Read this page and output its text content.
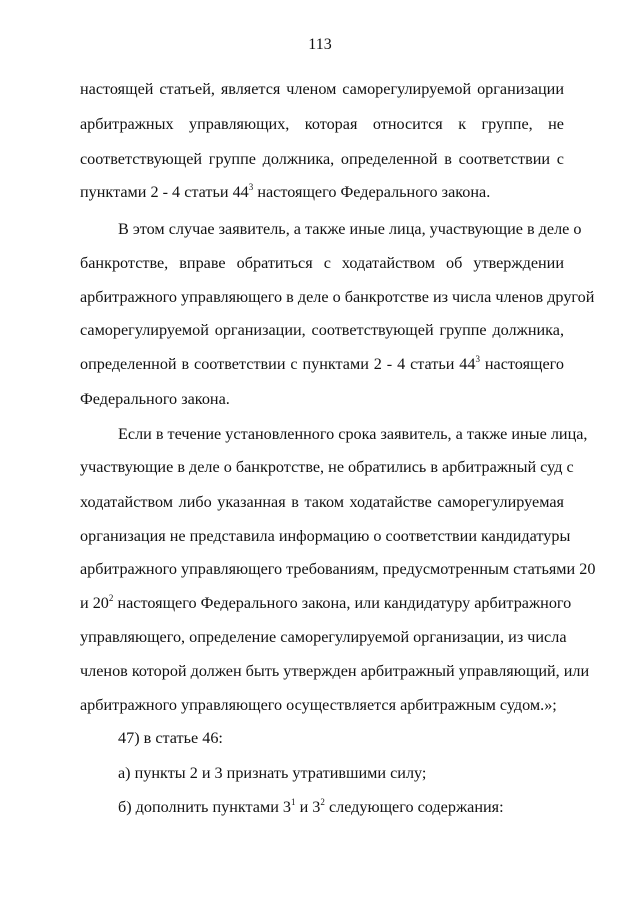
113
настоящей статьей, является членом саморегулируемой организации
арбитражных управляющих, которая относится к группе, не
соответствующей группе должника, определенной в соответствии с
пунктами 2 - 4 статьи $44^3$ настоящего Федерального закона.
В этом случае заявитель, а также иные лица, участвующие в деле о
банкротстве, вправе обратиться с ходатайством об утверждении
арбитражного управляющего в деле о банкротстве из числа членов другой
саморегулируемой организации, соответствующей группе должника,
определенной в соответствии с пунктами 2 - 4 статьи $44^3$ настоящего
Федерального закона.
Если в течение установленного срока заявитель, а также иные лица,
участвующие в деле о банкротстве, не обратились в арбитражный суд с
ходатайством либо указанная в таком ходатайстве саморегулируемая
организация не представила информацию о соответствии кандидатуры
арбитражного управляющего требованиям, предусмотренным статьями 20
и $20^2$ настоящего Федерального закона, или кандидатуру арбитражного
управляющего, определение саморегулируемой организации, из числа
членов которой должен быть утвержден арбитражный управляющий, или
арбитражного управляющего осуществляется арбитражным судом.»;
47) в статье 46:
а) пункты 2 и 3 признать утратившими силу;
б) дополнить пунктами $3^1$ и $3^2$ следующего содержания:
